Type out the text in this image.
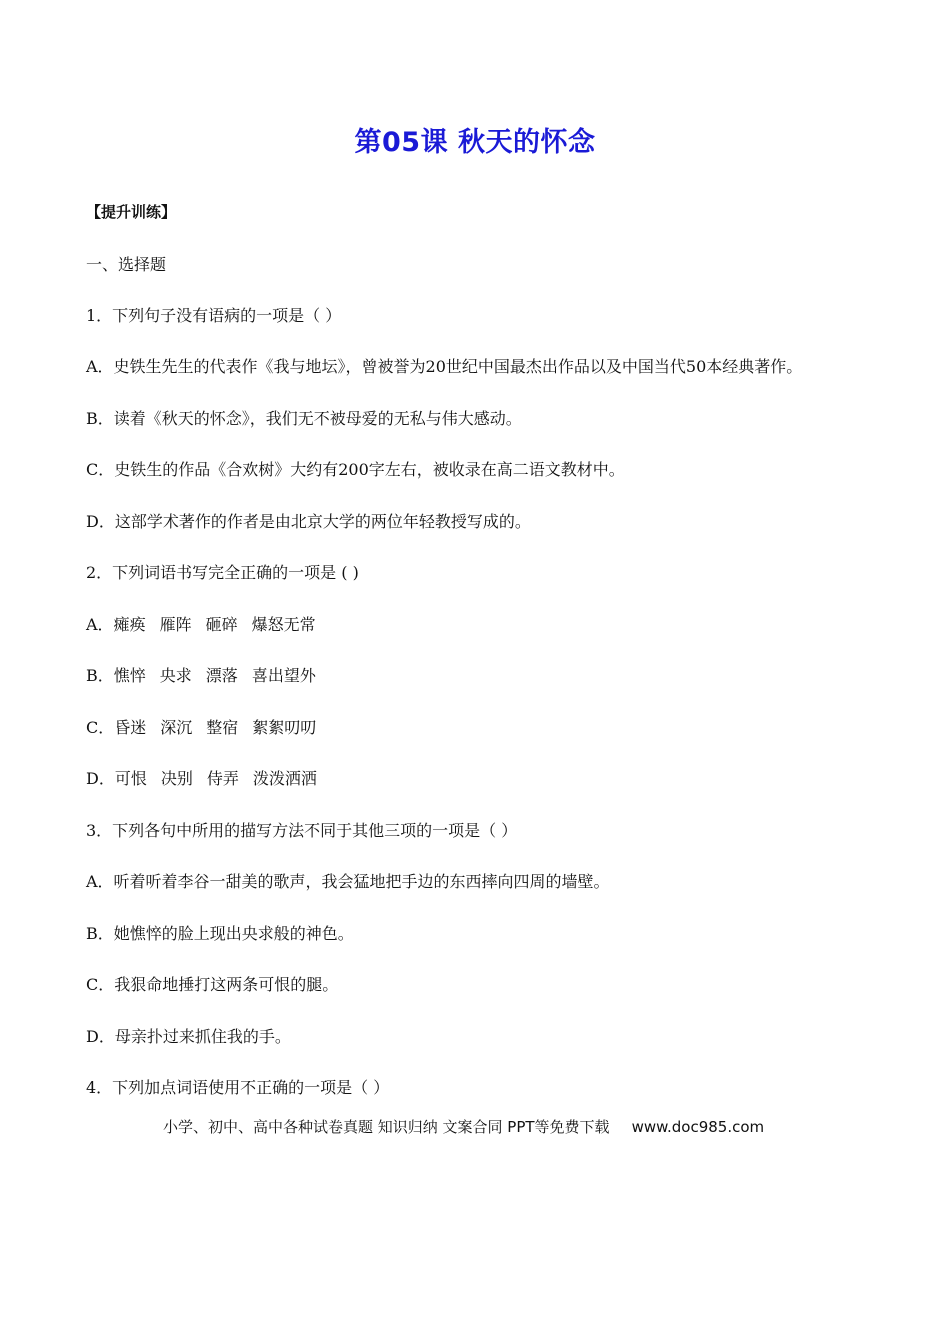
第05课 秋天的怀念
【提升训练】
一、选择题
1．下列句子没有语病的一项是（ ）
A．史铁生先生的代表作《我与地坛》，曾被誉为20世纪中国最杰出作品以及中国当代50本经典著作。
B．读着《秋天的怀念》，我们无不被母爱的无私与伟大感动。
C．史铁生的作品《合欢树》大约有200字左右，被收录在高二语文教材中。
D．这部学术著作的作者是由北京大学的两位年轻教授写成的。
2．下列词语书写完全正确的一项是 ( )
A．瘫痪 雁阵 砸碎 爆怒无常
B．憔悴 央求 漂落 喜出望外
C．昏迷 深沉 整宿 絮絮叨叨
D．可恨 决别 侍弄 泼泼洒洒
3．下列各句中所用的描写方法不同于其他三项的一项是（ ）
A．听着听着李谷一甜美的歌声，我会猛地把手边的东西摔向四周的墙壁。
B．她憔悴的脸上现出央求般的神色。
C．我狠命地捶打这两条可恨的腿。
D．母亲扑过来抓住我的手。
4．下列加点词语使用不正确的一项是（ ）
小学、初中、高中各种试卷真题 知识归纳 文案合同 PPT等免费下载 www.doc985.com
